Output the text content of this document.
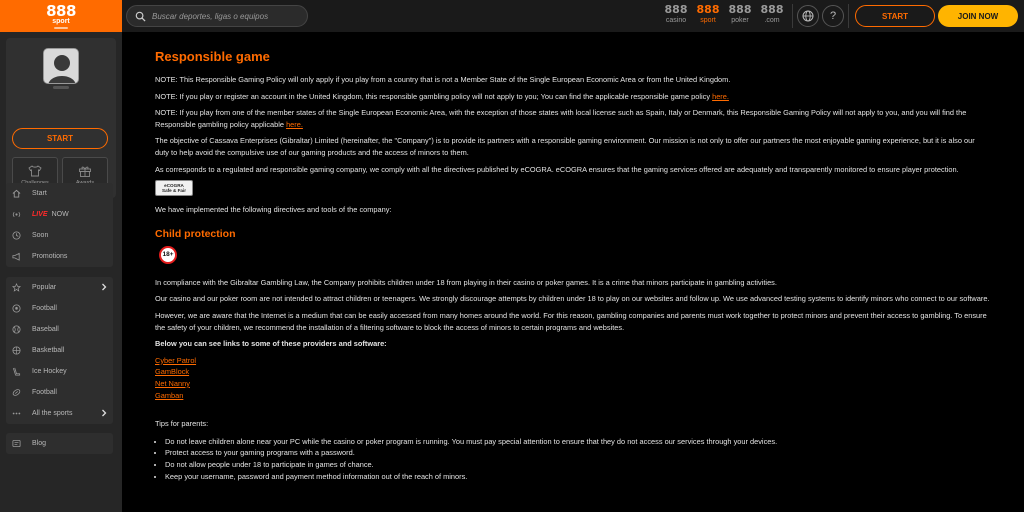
888
sport
Buscar deportes, ligas o equipos
888
casino
888
sport
888
poker
888
.com	?	START	JOIN NOW
START
Start
LIVE NOW
Soon
Promotions
Popular
Football
Baseball
Basketball
Ice Hockey
Football
All the sports
Blog
Responsible game

NOTE: This Responsible Gaming Policy will only apply if you play from a country that is not a Member State of the Single European Economic Area or from the United Kingdom.

NOTE: If you play or register an account in the United Kingdom, this responsible gambling policy will not apply to you; You can find the applicable responsible game policy here.

NOTE: If you play from one of the member states of the Single European Economic Area, with the exception of those states with local license such as Spain, Italy or Denmark, this Responsible Gaming Policy will not apply to you, and you will find the Responsible gambling policy applicable here.

The objective of Cassava Enterprises (Gibraltar) Limited (hereinafter, the "Company") is to provide its partners with a responsible gaming environment. Our mission is not only to offer our partners the most enjoyable gaming experience, but it is also our duty to help avoid the compulsive use of our gaming products and the access of minors to them.

As corresponds to a regulated and responsible gaming company, we comply with all the directives published by eCOGRA. eCOGRA ensures that the gaming services offered are adequately and transparently monitored to ensure player protection.

eCOGRA
Safe & Fair

We have implemented the following directives and tools of the company:

Child protection
18+

In compliance with the Gibraltar Gambling Law, the Company prohibits children under 18 from playing in their casino or poker games. It is a crime that minors participate in gambling activities.

Our casino and our poker room are not intended to attract children or teenagers. We strongly discourage attempts by children under 18 to play on our websites and follow up. We use advanced testing systems to identify minors who connect to our software.

However, we are aware that the Internet is a medium that can be easily accessed from many homes around the world. For this reason, gambling companies and parents must work together to protect minors and prevent their access to gambling. To ensure the safety of your children, we recommend the installation of a filtering software to block the access of minors to certain programs and websites.

Below you can see links to some of these providers and software:

Cyber Patrol
GamBlock
Net Nanny
Gamban

Tips for parents:

• Do not leave children alone near your PC while the casino or poker program is running. You must pay special attention to ensure that they do not access our services through your devices.
• Protect access to your gaming programs with a password.
• Do not allow people under 18 to participate in games of chance.
• Keep your username, password and payment method information out of the reach of minors.
